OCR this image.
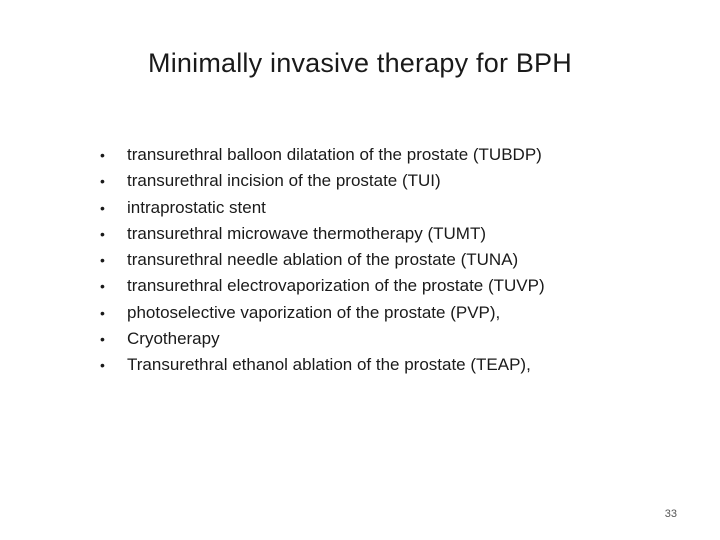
Minimally invasive therapy for BPH
•	transurethral balloon dilatation of the prostate (TUBDP)
•	transurethral incision of the prostate (TUI)
•	intraprostatic stent
•	transurethral microwave thermotherapy (TUMT)
•	transurethral needle ablation of the prostate (TUNA)
•	transurethral electrovaporization of the prostate (TUVP)
•	photoselective vaporization of the prostate (PVP),
•	Cryotherapy
•	Transurethral ethanol ablation of the prostate (TEAP),
33
